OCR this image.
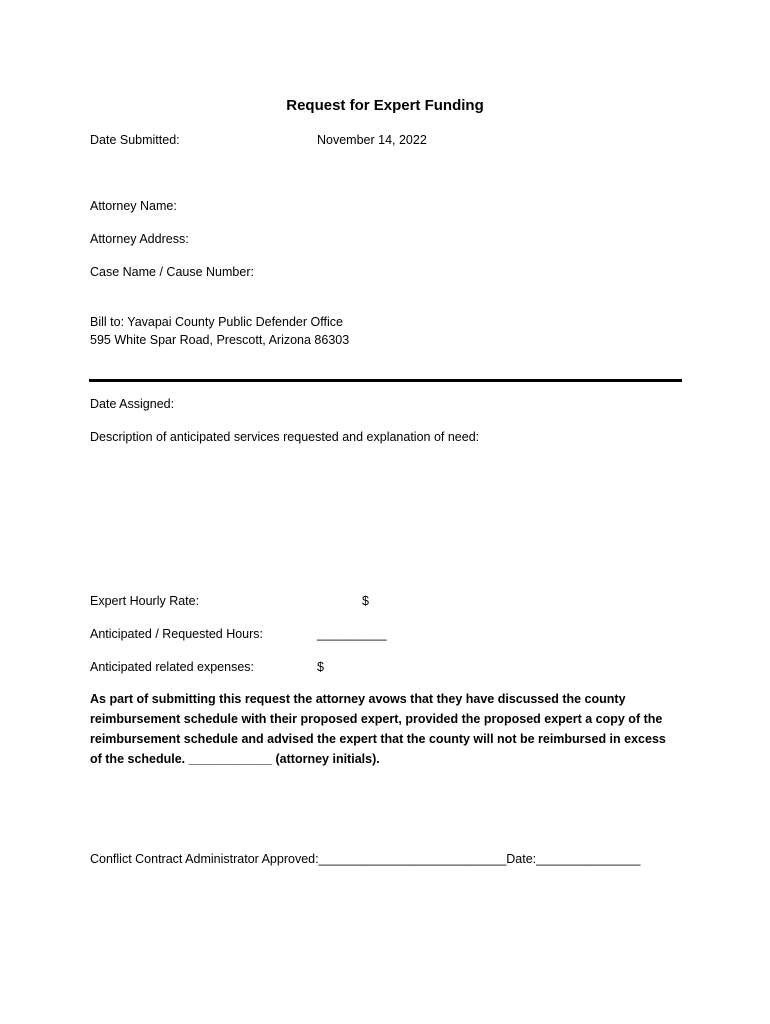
Request for Expert Funding
Date Submitted:	November 14, 2022
Attorney Name:
Attorney Address:
Case Name / Cause Number:
Bill to: Yavapai County Public Defender Office
595 White Spar Road, Prescott, Arizona 86303
Date Assigned:
Description of anticipated services requested and explanation of need:
Expert Hourly Rate:	$
Anticipated / Requested Hours:	__________
Anticipated related expenses:	$
As part of submitting this request the attorney avows that they have discussed the county reimbursement schedule with their proposed expert, provided the proposed expert a copy of the reimbursement schedule and advised the expert that the county will not be reimbursed in excess of the schedule. ____________ (attorney initials).
Conflict Contract Administrator Approved:___________________________Date:_______________
